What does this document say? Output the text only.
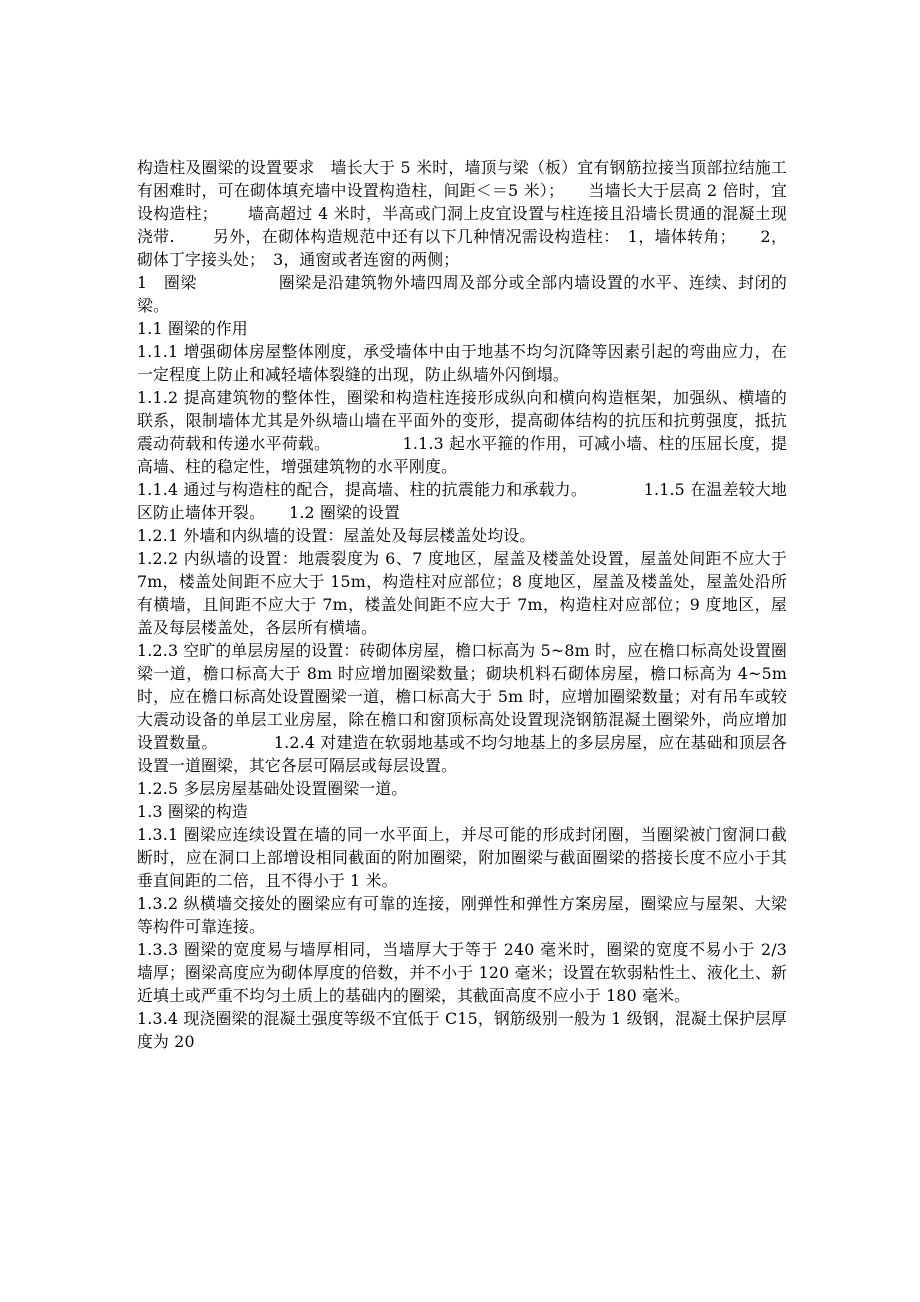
构造柱及圈梁的设置要求　墙长大于 5 米时，墙顶与梁（板）宜有钢筋拉接当顶部拉结施工有困难时，可在砌体填充墙中设置构造柱，间距＜＝5 米）；　　当墙长大于层高 2 倍时，宜设构造柱；　　 墙高超过 4 米时，半高或门洞上皮宜设置与柱连接且沿墙长贯通的混凝土现浇带.　　 另外，在砌体构造规范中还有以下几种情况需设构造柱：　1，墙体转角；　　2，砌体丁字接头处；　3，通窗或者连窗的两侧；

1　圈梁　　　　　圈梁是沿建筑物外墙四周及部分或全部内墙设置的水平、连续、封闭的梁。

1.1 圈梁的作用

1.1.1 增强砌体房屋整体刚度，承受墙体中由于地基不均匀沉降等因素引起的弯曲应力，在一定程度上防止和减轻墙体裂缝的出现，防止纵墙外闪倒塌。

1.1.2 提高建筑物的整体性，圈梁和构造柱连接形成纵向和横向构造框架，加强纵、横墙的联系，限制墙体尤其是外纵墙山墙在平面外的变形，提高砌体结构的抗压和抗剪强度，抵抗震动荷载和传递水平荷载。　　　　　1.1.3 起水平箍的作用，可减小墙、柱的压屈长度，提高墙、柱的稳定性，增强建筑物的水平刚度。

1.1.4 通过与构造柱的配合，提高墙、柱的抗震能力和承载力。　　　　1.1.5 在温差较大地区防止墙体开裂。　　1.2 圈梁的设置

1.2.1 外墙和内纵墙的设置：屋盖处及每层楼盖处均设。

1.2.2 内纵墙的设置：地震裂度为 6、7 度地区，屋盖及楼盖处设置，屋盖处间距不应大于 7m，楼盖处间距不应大于 15m，构造柱对应部位；8 度地区，屋盖及楼盖处，屋盖处沿所有横墙，且间距不应大于 7m，楼盖处间距不应大于 7m，构造柱对应部位；9 度地区，屋盖及每层楼盖处，各层所有横墙。

1.2.3 空旷的单层房屋的设置：砖砌体房屋，檐口标高为 5~8m 时，应在檐口标高处设置圈梁一道，檐口标高大于 8m 时应增加圈梁数量；砌块机料石砌体房屋，檐口标高为 4~5m 时，应在檐口标高处设置圈梁一道，檐口标高大于 5m 时，应增加圈梁数量；对有吊车或较大震动设备的单层工业房屋，除在檐口和窗顶标高处设置现浇钢筋混凝土圈梁外，尚应增加设置数量。　　　　1.2.4 对建造在软弱地基或不均匀地基上的多层房屋，应在基础和顶层各设置一道圈梁，其它各层可隔层或每层设置。

1.2.5 多层房屋基础处设置圈梁一道。

1.3 圈梁的构造

1.3.1 圈梁应连续设置在墙的同一水平面上，并尽可能的形成封闭圈，当圈梁被门窗洞口截断时，应在洞口上部增设相同截面的附加圈梁，附加圈梁与截面圈梁的搭接长度不应小于其垂直间距的二倍，且不得小于 1 米。

1.3.2 纵横墙交接处的圈梁应有可靠的连接，刚弹性和弹性方案房屋，圈梁应与屋架、大梁等构件可靠连接。

1.3.3 圈梁的宽度易与墙厚相同，当墙厚大于等于 240 毫米时，圈梁的宽度不易小于 2/3 墙厚；圈梁高度应为砌体厚度的倍数，并不小于 120 毫米；设置在软弱粘性土、液化土、新近填土或严重不均匀土质上的基础内的圈梁，其截面高度不应小于 180 毫米。

1.3.4 现浇圈梁的混凝土强度等级不宜低于 C15，钢筋级别一般为 1 级钢，混凝土保护层厚度为 20
